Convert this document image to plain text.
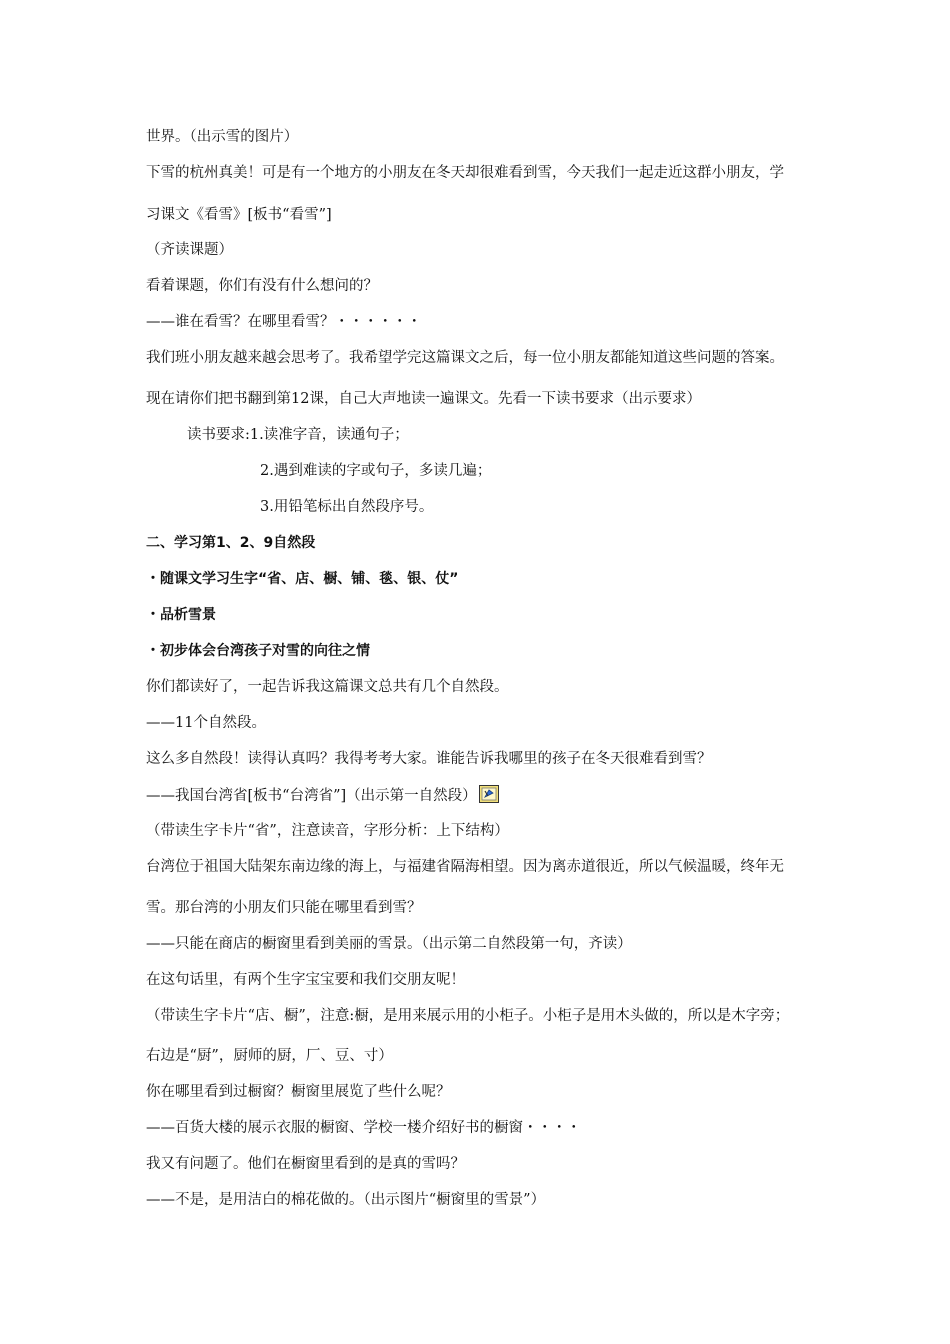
世界。（出示雪的图片）
下雪的杭州真美！可是有一个地方的小朋友在冬天却很难看到雪，今天我们一起走近这群小朋友，学
习课文《看雪》[板书“看雪”]
（齐读课题）
看着课题，你们有没有什么想问的？
——谁在看雪？在哪里看雪？・・・・・・
我们班小朋友越来越会思考了。我希望学完这篇课文之后，每一位小朋友都能知道这些问题的答案。
现在请你们把书翻到第12课，自己大声地读一遍课文。先看一下读书要求（出示要求）
读书要求:1.读准字音，读通句子；
2.遇到难读的字或句子，多读几遍；
3.用铅笔标出自然段序号。
二、学习第1、2、9自然段
・随课文学习生字“省、店、橱、铺、毯、银、仗”
・品析雪景
・初步体会台湾孩子对雪的向往之情
你们都读好了，一起告诉我这篇课文总共有几个自然段。
——11个自然段。
这么多自然段！读得认真吗？我得考考大家。谁能告诉我哪里的孩子在冬天很难看到雪？
——我国台湾省[板书“台湾省”]（出示第一自然段）
（带读生字卡片“省”，注意读音，字形分析：上下结构）
台湾位于祖国大陆架东南边缘的海上，与福建省隔海相望。因为离赤道很近，所以气候温暖，终年无
雪。那台湾的小朋友们只能在哪里看到雪？
——只能在商店的橱窗里看到美丽的雪景。（出示第二自然段第一句，齐读）
在这句话里，有两个生字宝宝要和我们交朋友呢！
（带读生字卡片“店、橱”，注意:橱，是用来展示用的小柜子。小柜子是用木头做的，所以是木字旁；
右边是“厨”，厨师的厨，厂、豆、寸）
你在哪里看到过橱窗？橱窗里展览了些什么呢？
——百货大楼的展示衣服的橱窗、学校一楼介绍好书的橱窗・・・・
我又有问题了。他们在橱窗里看到的是真的雪吗？
——不是，是用洁白的棉花做的。（出示图片“橱窗里的雪景”）
